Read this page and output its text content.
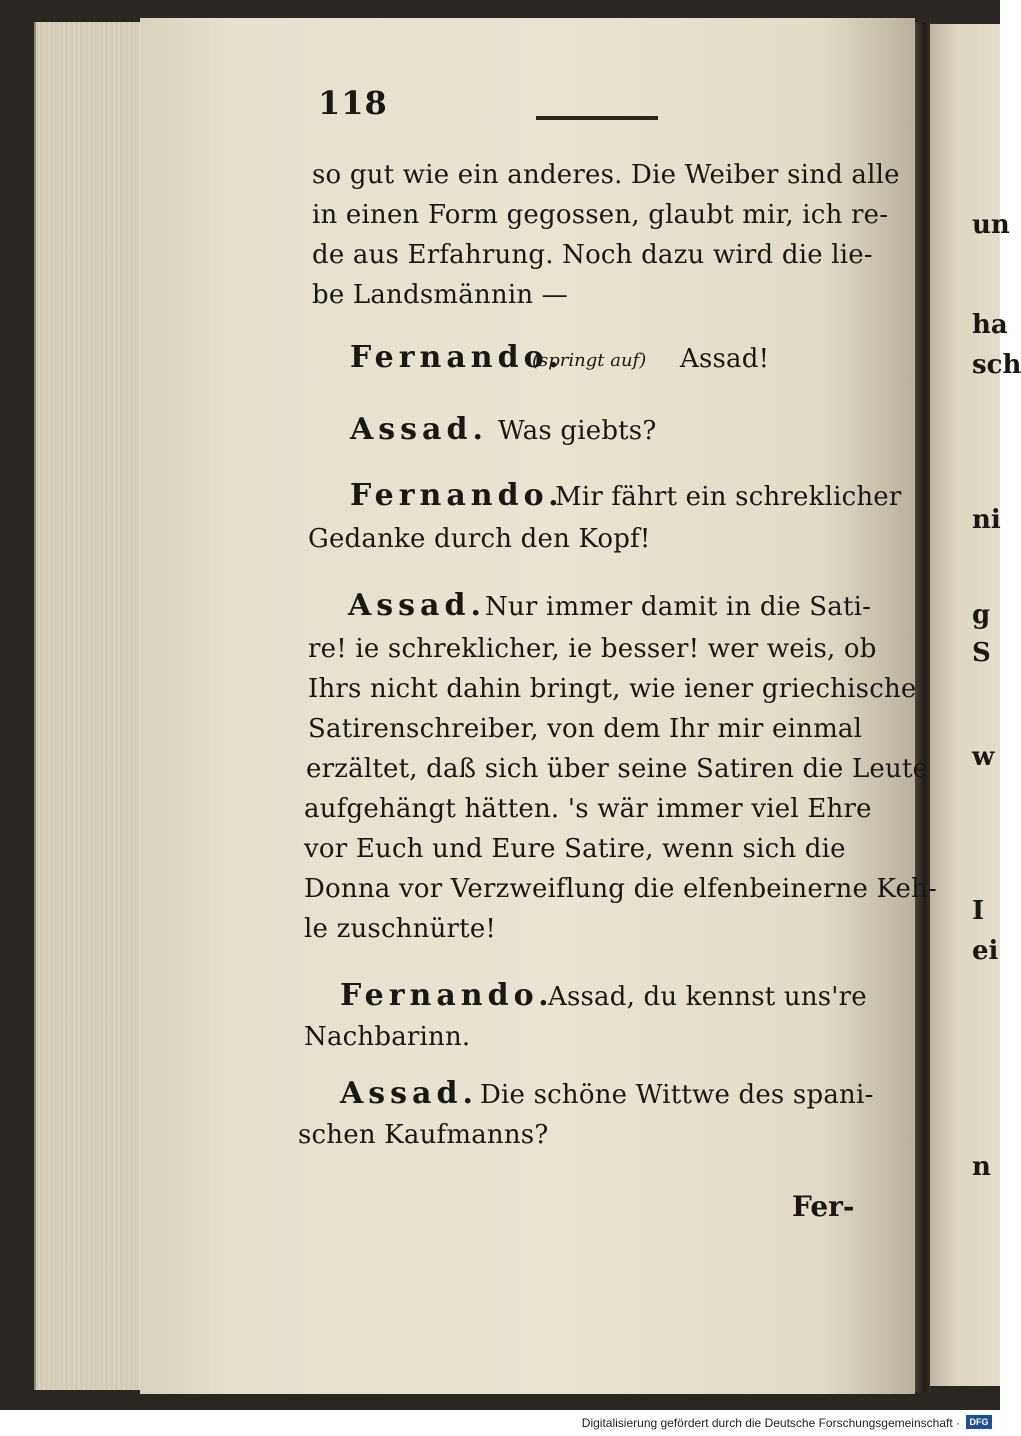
118
so gut wie ein anderes. Die Weiber sind alle
in einen Form gegossen, glaubt mir, ich re-
de aus Erfahrung. Noch dazu wird die lie-
be Landsmännin —
Fernando.
(springt auf) Assad!
Assad. Was giebts?
Fernando.
Mir fährt ein schreklicher
Gedanke durch den Kopf!
Assad. Nur immer damit in die Sati-
re! ie schreklicher, ie besser! wer weis, ob
Ihrs nicht dahin bringt, wie iener griechische
Satirenschreiber, von dem Ihr mir einmal
erzältet, daß sich über seine Satiren die Leute
aufgehängt hätten. 's wär immer viel Ehre
vor Euch und Eure Satire, wenn sich die
Donna vor Verzweiflung die elfenbeinerne Keh-
le zuschnürte!
Fernando.
Assad, du kennst uns're
Nachbarinn.
Assad. Die schöne Wittwe des spani-
schen Kaufmanns?
Fer-
un
ha
sch
ni
g
S
w
I
ei
n
Digitalisierung gefördert durch die Deutsche Forschungsgemeinschaft ·	DFG
